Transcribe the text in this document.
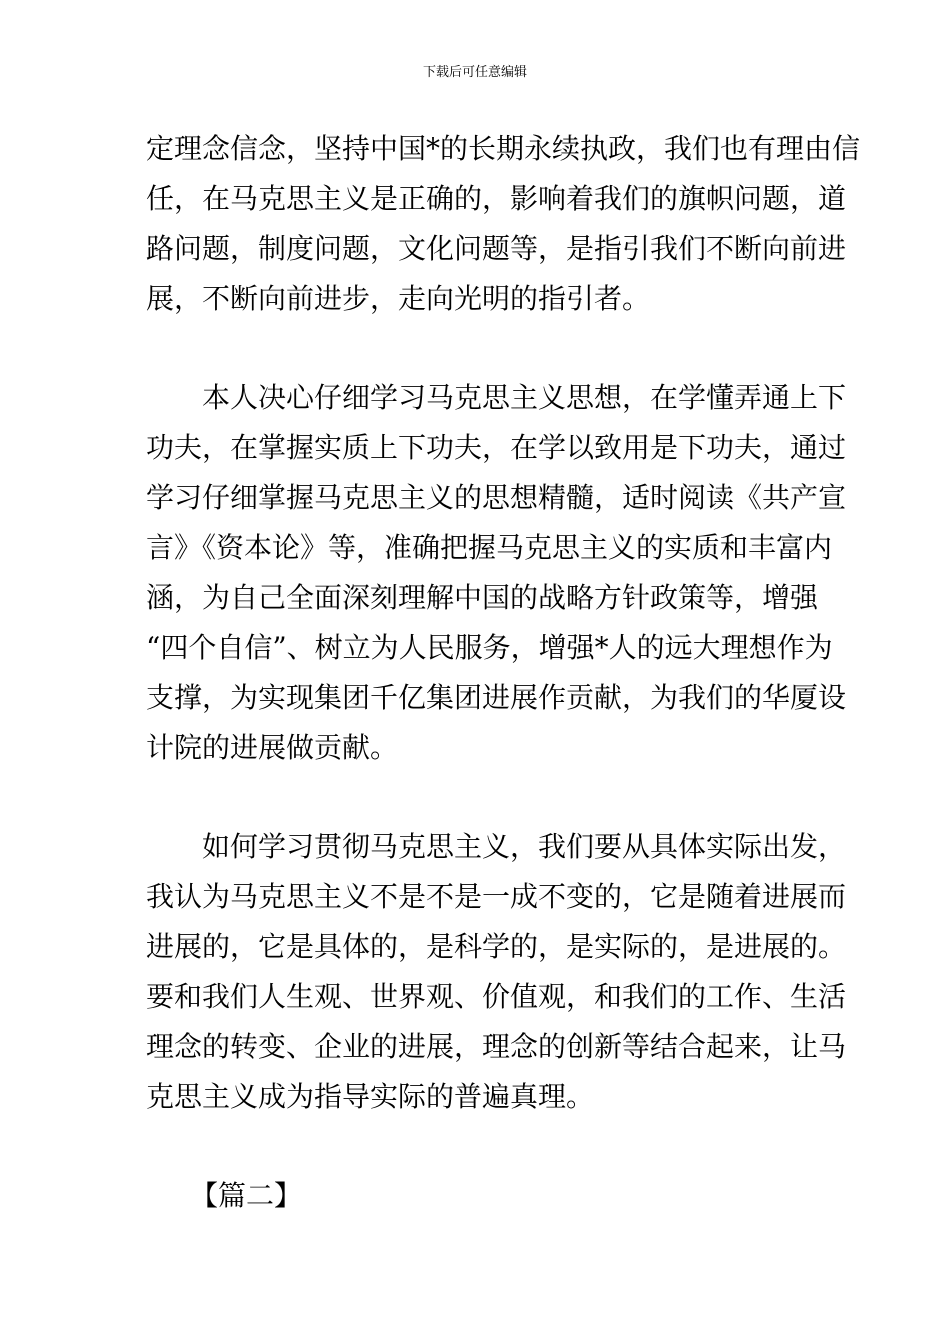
下载后可任意编辑
定理念信念，坚持中国*的长期永续执政，我们也有理由信
任，在马克思主义是正确的，影响着我们的旗帜问题，道
路问题，制度问题，文化问题等，是指引我们不断向前进
展，不断向前进步，走向光明的指引者。
本人决心仔细学习马克思主义思想，在学懂弄通上下
功夫，在掌握实质上下功夫，在学以致用是下功夫，通过
学习仔细掌握马克思主义的思想精髓，适时阅读《共产宣
言》《资本论》等，准确把握马克思主义的实质和丰富内
涵，为自己全面深刻理解中国的战略方针政策等，增强
“四个自信”、树立为人民服务，增强*人的远大理想作为
支撑，为实现集团千亿集团进展作贡献，为我们的华厦设
计院的进展做贡献。
如何学习贯彻马克思主义，我们要从具体实际出发，
我认为马克思主义不是不是一成不变的，它是随着进展而
进展的，它是具体的，是科学的，是实际的，是进展的。
要和我们人生观、世界观、价值观，和我们的工作、生活
理念的转变、企业的进展，理念的创新等结合起来，让马
克思主义成为指导实际的普遍真理。
【篇二】
